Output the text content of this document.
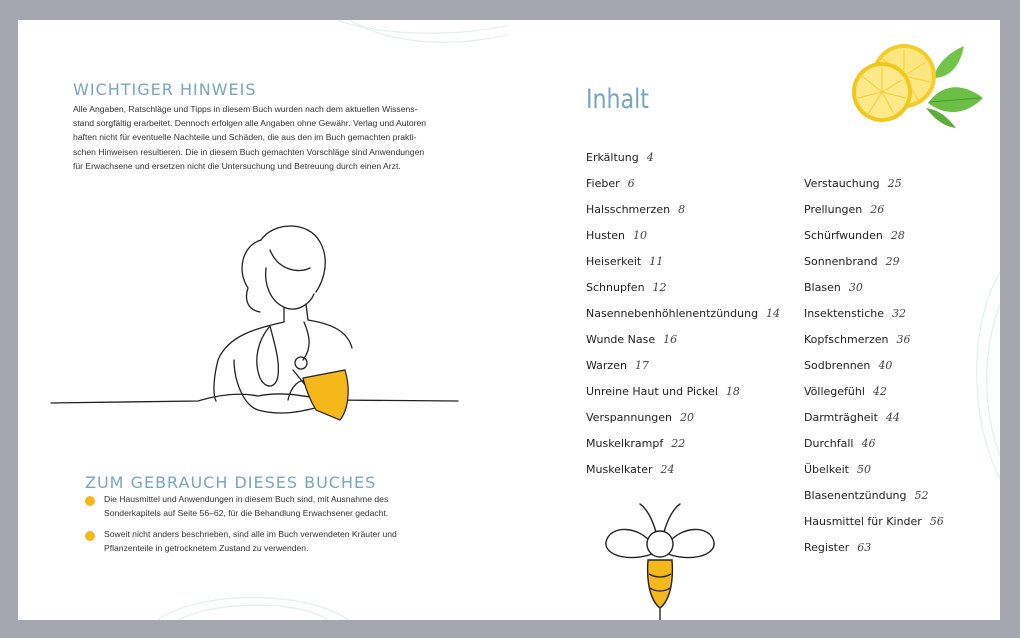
WICHTIGER HINWEIS
Alle Angaben, Ratschläge und Tipps in diesem Buch wurden nach dem aktuellen Wissens-
stand sorgfältig erarbeitet. Dennoch erfolgen alle Angaben ohne Gewähr. Verlag und Autoren
haften nicht für eventuelle Nachteile und Schäden, die aus den im Buch gemachten prakti-
schen Hinweisen resultieren. Die in diesem Buch gemachten Vorschläge sind Anwendungen
für Erwachsene und ersetzen nicht die Untersuchung und Betreuung durch einen Arzt.
ZUM GEBRAUCH DIESES BUCHES
Die Hausmittel und Anwendungen in diesem Buch sind, mit Ausnahme des
Sonderkapitels auf Seite 56–62, für die Behandlung Erwachsener gedacht.
Soweit nicht anders beschrieben, sind alle im Buch verwendeten Kräuter und
Pflanzenteile in getrocknetem Zustand zu verwenden.
Inhalt
Erkältung 4
Fieber 6
Halsschmerzen 8
Husten 10
Heiserkeit 11
Schnupfen 12
Nasennebenhöhlenentzündung 14
Wunde Nase 16
Warzen 17
Unreine Haut und Pickel 18
Verspannungen 20
Muskelkrampf 22
Muskelkater 24
Verstauchung 25
Prellungen 26
Schürfwunden 28
Sonnenbrand 29
Blasen 30
Insektenstiche 32
Kopfschmerzen 36
Sodbrennen 40
Völlegefühl 42
Darmträgheit 44
Durchfall 46
Übelkeit 50
Blasenentzündung 52
Hausmittel für Kinder 56
Register 63
